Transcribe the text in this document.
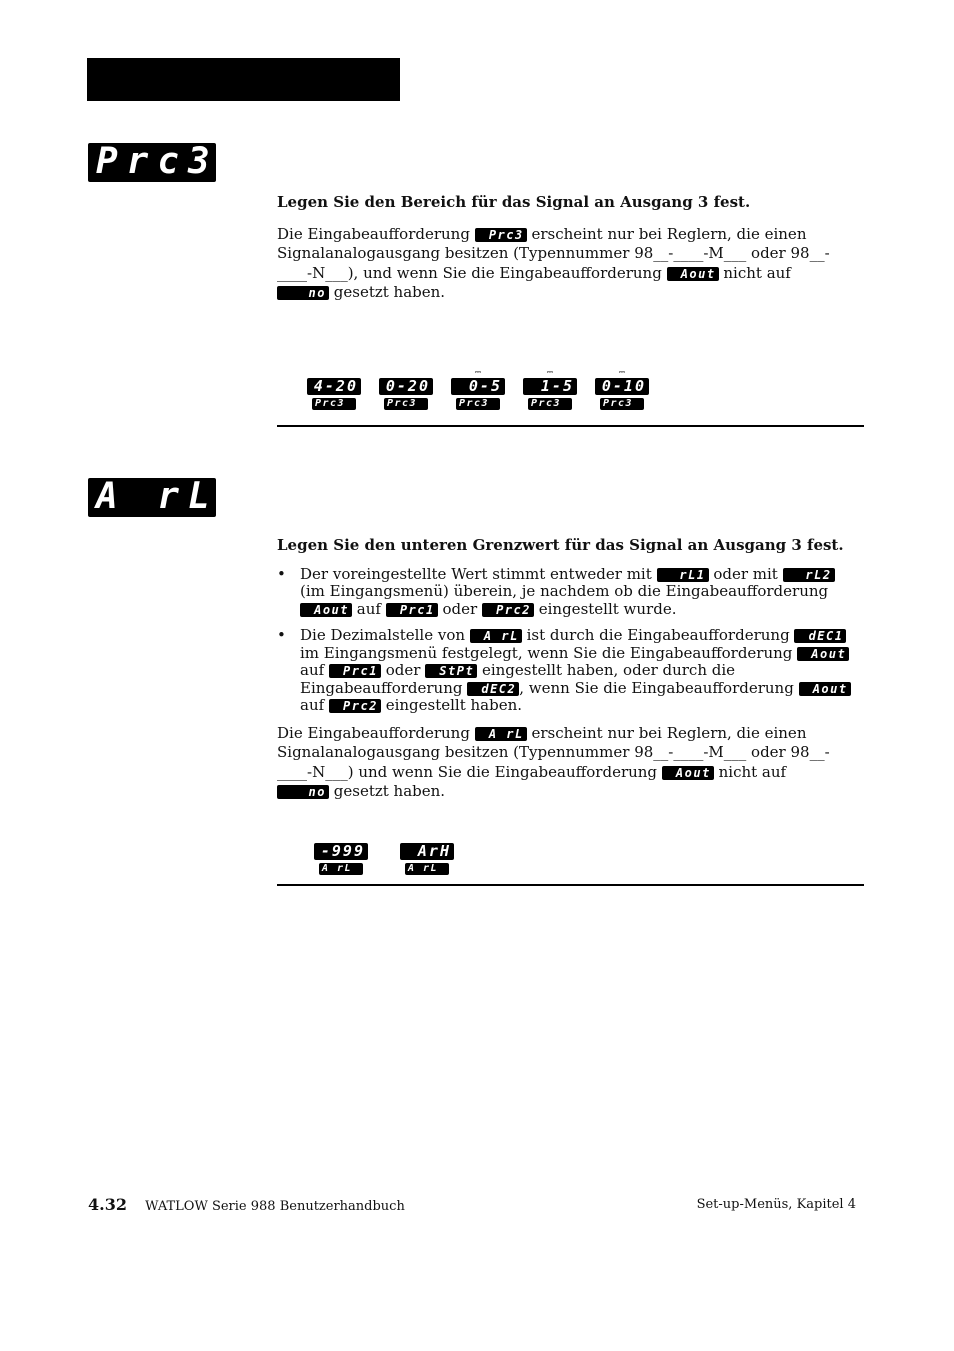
Prc3

Legen Sie den Bereich für das Signal an Ausgang 3 fest.

Die Eingabeaufforderung Prc3 erscheint nur bei Reglern, die einen Signalanalogausgang besitzen (Typennummer 98__-____-M___ oder 98__-____-N___), und wenn Sie die Eingabeaufforderung Aout nicht auf
no gesetzt haben.

4-20
Prc3
0-20
Prc3
⎓
0-5
Prc3
⎓
1-5
Prc3
⎓
0-10
Prc3
A rL

Legen Sie den unteren Grenzwert für das Signal an Ausgang 3 fest.

• Der voreingestellte Wert stimmt entweder mit rL1 oder mit rL2 (im Eingangsmenü) überein, je nachdem ob die Eingabeaufforderung Aout auf Prc1 oder Prc2 eingestellt wurde.
• Die Dezimalstelle von A rL ist durch die Eingabeaufforderung dEC1 im Eingangsmenü festgelegt, wenn Sie die Eingabeaufforderung Aout auf Prc1 oder StPt eingestellt haben, oder durch die Eingabeaufforderung dEC2 , wenn Sie die Eingabeaufforderung Aout auf Prc2 eingestellt haben.

Die Eingabeaufforderung A rL erscheint nur bei Reglern, die einen Signalanalogausgang besitzen (Typennummer 98__-____-M___ oder 98__-____-N___) und wenn Sie die Eingabeaufforderung Aout nicht auf
no gesetzt haben.

-999
A rL
ArH
A rL
4.32 WATLOW Serie 988 Benutzerhandbuch	Set-up-Menüs, Kapitel 4
